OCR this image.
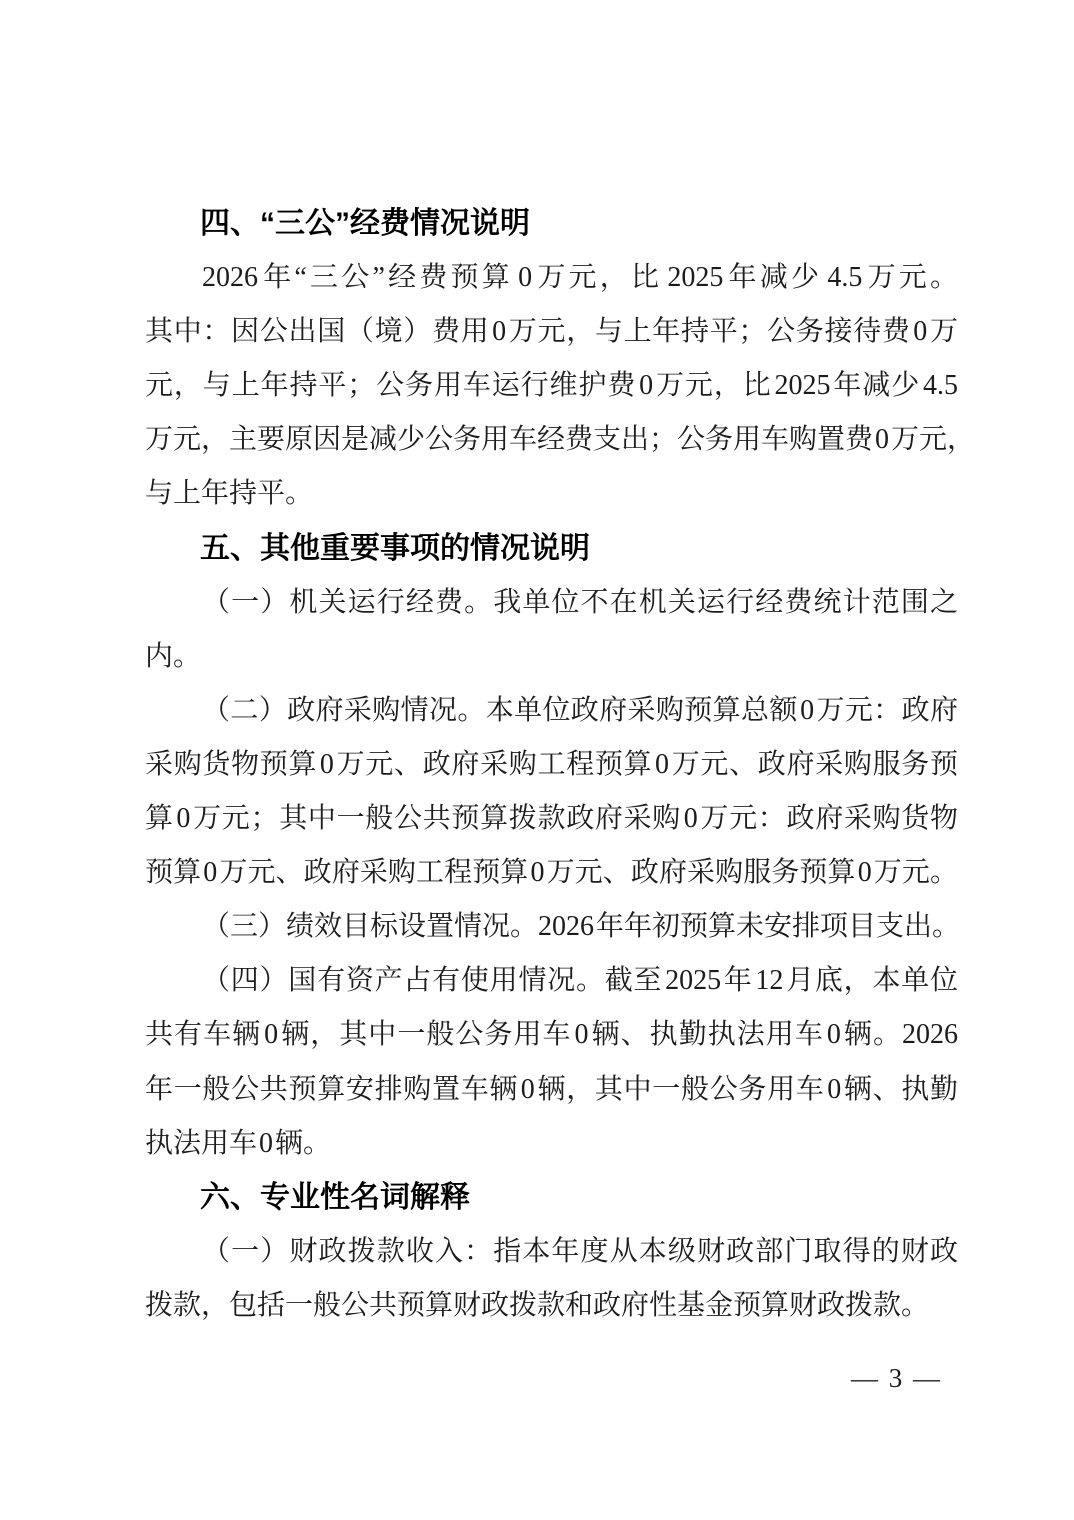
四、“三公”经费情况说明
2026 年“三公”经费预算 0 万元，比 2025 年减少 4.5 万元。
其中：因公出国（境）费用 0 万元，与上年持平；公务接待费 0 万
元，与上年持平；公务用车运行维护费 0 万元，比 2025 年减少 4.5
万元，主要原因是减少公务用车经费支出；公务用车购置费 0 万元，
与上年持平。
五、其他重要事项的情况说明
（一）机关运行经费。我单位不在机关运行经费统计范围之
内。
（二）政府采购情况。本单位政府采购预算总额 0 万元：政府
采购货物预算 0 万元、政府采购工程预算 0 万元、政府采购服务预
算 0 万元；其中一般公共预算拨款政府采购 0 万元：政府采购货物
预算 0 万元、政府采购工程预算 0 万元、政府采购服务预算 0 万元。
（三）绩效目标设置情况。2026 年年初预算未安排项目支出。
（四）国有资产占有使用情况。截至 2025 年 12 月底，本单位
共有车辆 0 辆，其中一般公务用车 0 辆、执勤执法用车 0 辆。2026
年一般公共预算安排购置车辆 0 辆，其中一般公务用车 0 辆、执勤
执法用车 0 辆。
六、专业性名词解释
（一）财政拨款收入：指本年度从本级财政部门取得的财政
拨款，包括一般公共预算财政拨款和政府性基金预算财政拨款。
— 3 —
